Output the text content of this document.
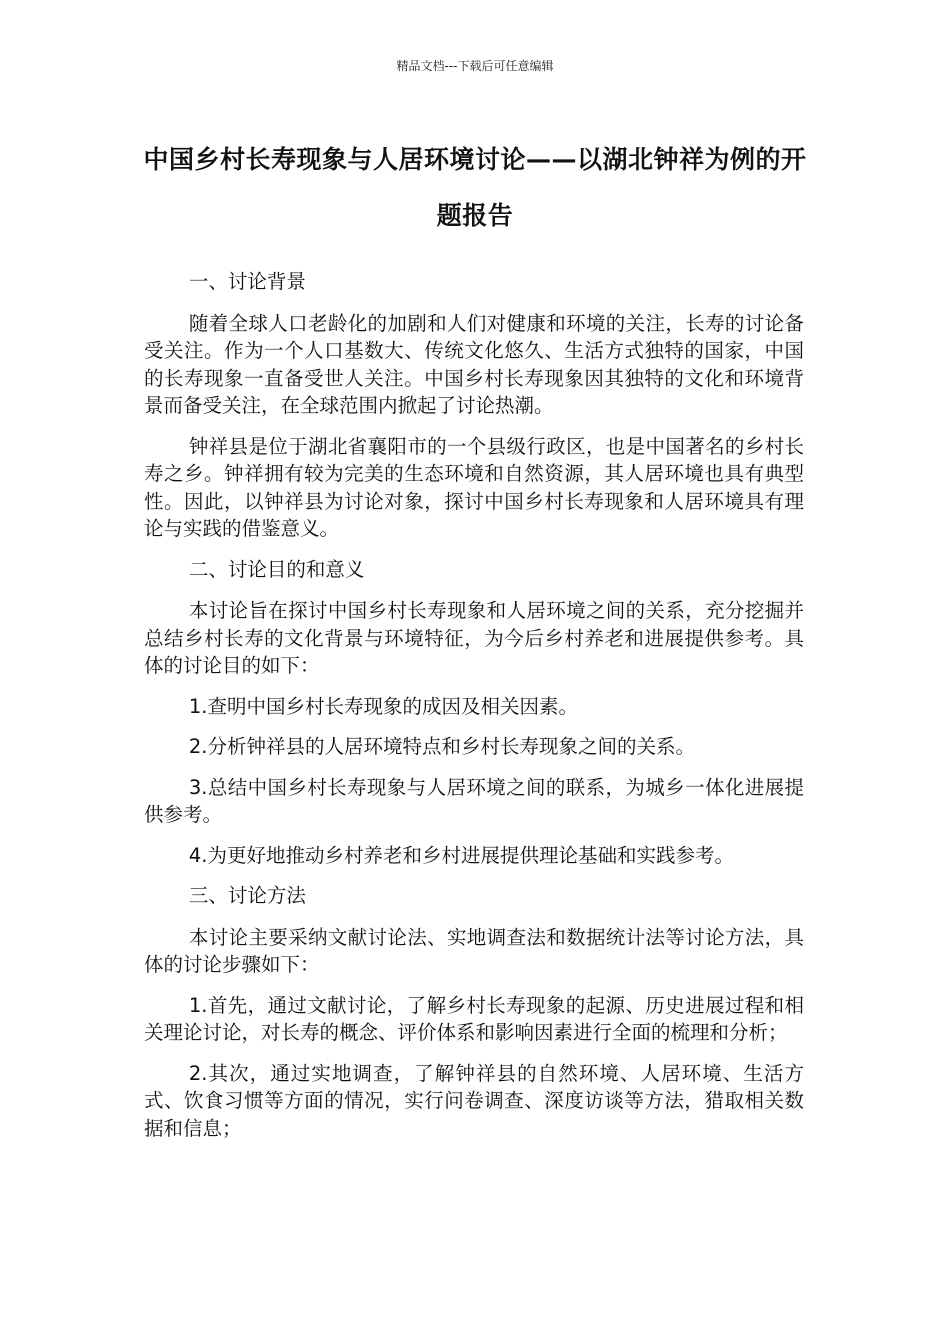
精品文档---下载后可任意编辑
中国乡村长寿现象与人居环境讨论——以湖北钟祥为例的开题报告

一、讨论背景

随着全球人口老龄化的加剧和人们对健康和环境的关注，长寿的讨论备受关注。作为一个人口基数大、传统文化悠久、生活方式独特的国家，中国的长寿现象一直备受世人关注。中国乡村长寿现象因其独特的文化和环境背景而备受关注，在全球范围内掀起了讨论热潮。

钟祥县是位于湖北省襄阳市的一个县级行政区，也是中国著名的乡村长寿之乡。钟祥拥有较为完美的生态环境和自然资源，其人居环境也具有典型性。因此，以钟祥县为讨论对象，探讨中国乡村长寿现象和人居环境具有理论与实践的借鉴意义。

二、讨论目的和意义

本讨论旨在探讨中国乡村长寿现象和人居环境之间的关系，充分挖掘并总结乡村长寿的文化背景与环境特征，为今后乡村养老和进展提供参考。具体的讨论目的如下：

1.查明中国乡村长寿现象的成因及相关因素。

2.分析钟祥县的人居环境特点和乡村长寿现象之间的关系。

3.总结中国乡村长寿现象与人居环境之间的联系，为城乡一体化进展提供参考。

4.为更好地推动乡村养老和乡村进展提供理论基础和实践参考。

三、讨论方法

本讨论主要采纳文献讨论法、实地调查法和数据统计法等讨论方法，具体的讨论步骤如下：

1.首先，通过文献讨论，了解乡村长寿现象的起源、历史进展过程和相关理论讨论，对长寿的概念、评价体系和影响因素进行全面的梳理和分析；

2.其次，通过实地调查，了解钟祥县的自然环境、人居环境、生活方式、饮食习惯等方面的情况，实行问卷调查、深度访谈等方法，猎取相关数据和信息；
